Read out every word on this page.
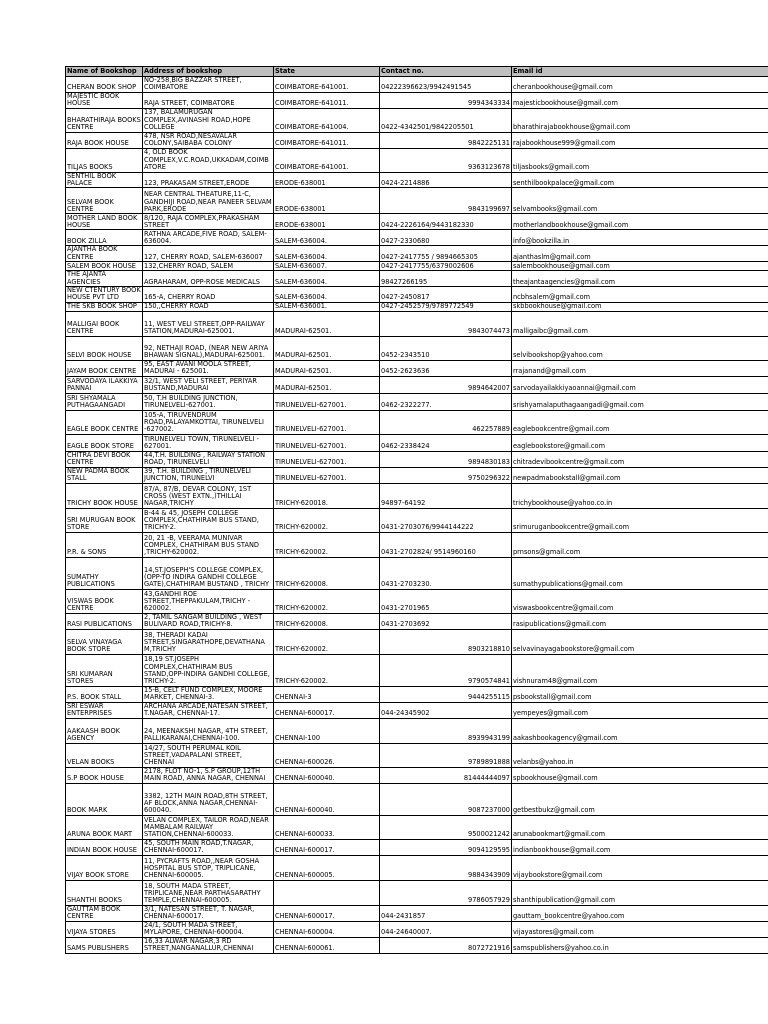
Name of Bookshop	Address of bookshop	State	Contact no.	Email id
CHERAN BOOK SHOP	NO-258,BIG BAZZAR STREET, COIMBATORE	COIMBATORE-641001.	04222396623/9942491545	cheranbookhouse@gmail.com
MAJESTIC BOOK HOUSE	RAJA STREET, COIMBATORE	COIMBATORE-641011.	9994343334	majesticbookhouse@gmail.com
BHARATHIRAJA BOOKS CENTRE	137, BALAMURUGAN COMPLEX,AVINASHI ROAD,HOPE COLLEGE	COIMBATORE-641004.	0422-4342501/9842205501	bharathirajabookhouse@gmail.com
RAJA BOOK HOUSE	478, NSR ROAD,NESAVALAR COLONY,SAIBABA COLONY	COIMBATORE-641011.	9842225131	rajabookhouse999@gmail.com
TILJAS BOOKS	4, OLD BOOK COMPLEX,V.C.ROAD,UKKADAM,COIMB ATORE	COIMBATORE-641001.	9363123678	tiljasbooks@gmail.com
SENTHIL BOOK PALACE	123, PRAKASAM STREET,ERODE	ERODE-638001	0424-2214886	senthilbookpalace@gmail.com
SELVAM BOOK CENTRE	NEAR CENTRAL THEATURE,11-C, GANDHIJI ROAD,NEAR PANEER SELVAM PARK,ERODE	ERODE-638001	9843199697	selvambooks@gmail.com
MOTHER LAND BOOK HOUSE	8/120, RAJA COMPLEX,PRAKASHAM STREET	ERODE-638001	0424-2226164/9443182330	motherlandbookhouse@gmail.com
BOOK ZILLA	RATHNA ARCADE,FIVE ROAD, SALEM-636004.	SALEM-636004.	0427-2330680	info@bookzilla.in
AJANTHA BOOK CENTRE	127, CHERRY ROAD, SALEM-636007	SALEM-636004.	0427-2417755 / 9894665305	ajanthaslm@gmail.com
SALEM BOOK HOUSE	132,CHERRY ROAD, SALEM	SALEM-636007.	0427-2417755/6379002606	salembookhouse@gmail.com
THE AJANTA AGENCIES	AGRAHARAM, OPP-ROSE MEDICALS	SALEM-636004.	98427266195	theajantaagencies@gmail.com
NEW CTENTURY BOOK HOUSE PVT LTD	165-A, CHERRY ROAD	SALEM-636004.	0427-2450817	ncbhsalem@gmail.com
THE SKB BOOK SHOP	150,,CHERRY ROAD	SALEM-636001.	0427-2452579/9789772549	skbbookhouse@gmail.com
MALLIGAI BOOK CENTRE	11, WEST VELI STREET,OPP-RAILWAY STATION,MADURAI-625001.	MADURAI-62501.	9843074473	malligaibc@gmail.com
SELVI BOOK HOUSE	92, NETHAJI ROAD, (NEAR NEW ARIYA BHAWAN SIGNAL),MADURAI-625001.	MADURAI-62501.	0452-2343510	selvibookshop@yahoo.com
JAYAM BOOK CENTRE	95, EAST AVANI MOOLA STREET, MADURAI - 625001.	MADURAI-62501.	0452-2623636	rrajanand@gmail.com
SARVODAYA ILAKKIYA PANNAI	32/1, WEST VELI STREET, PERIYAR BUSTAND,MADURAI	MADURAI-62501.	9894642007	sarvodayailakkiyaoannai@gmail.com
SRI SHYAMALA PUTHAGAANGADI	50, T.H BUILDING JUNCTION, TIRUNELVELI-627001.	TIRUNELVELI-627001.	0462-2322277.	srishyamalaputhagaangadi@gmail.com
EAGLE BOOK CENTRE	105-A, TIRUVENDRUM ROAD,PALAYAMKOTTAI, TIRUNELVELI -627002.	TIRUNELVELI-627001.	462257889	eaglebookcentre@gmail.com
EAGLE BOOK STORE	TIRUNELVELI TOWN, TIRUNELVELI - 627001.	TIRUNELVELI-627001.	0462-2338424	eaglebookstore@gmail.com
CHITRA DEVI BOOK CENTRE	44,T.H. BUILDING , RAILWAY STATION ROAD, TIRUNELVELI	TIRUNELVELI-627001.	9894830183	chitradevibookcentre@gmail.com
NEW PADMA BOOK STALL	39, T.H. BUILDING , TIRUNELVELI JUNCTION, TIRUNELVI	TIRUNELVELI-627001.	9750296322	newpadmabookstall@gmail.com
TRICHY BOOK HOUSE	87/A, 87/B, DEVAR COLONY, 1ST CROSS (WEST EXTN.,)THILLAI NAGAR,TRICHY	TRICHY-620018.	94897-64192	trichybookhouse@yahoo.co.in
SRI MURUGAN BOOK STORE	B-44 & 45, JOSEPH COLLEGE COMPLEX,CHATHIRAM BUS STAND, TRICHY-2.	TRICHY-620002.	0431-2703076/9944144222	srimuruganbookcentre@gmail.com
P.R. & SONS	20, 21 -B, VEERAMA MUNIVAR COMPLEX, CHATHIRAM BUS STAND ,TRICHY-620002.	TRICHY-620002.	0431-2702824/ 9514960160	prnsons@gmail.com
SUMATHY PUBLICATIONS	14,ST.JOSEPH'S COLLEGE COMPLEX, (OPP-TO INDIRA GANDHI COLLEGE GATE),CHATHIRAM BUSTAND , TRICHY	TRICHY-620008.	0431-2703230.	sumathypublications@gmail.com
VISWAS BOOK CENTRE	43,GANDHI ROE STREET,THEPPAKULAM,TRICHY - 620002.	TRICHY-620002.	0431-2701965	viswasbookcentre@gmail.com
RASI PUBLICATIONS	2, TAMIL SANGAM BUILDING , WEST BULIVARD ROAD,TRICHY-8.	TRICHY-620008.	0431-2703692	rasipublications@gmail.com
SELVA VINAYAGA BOOK STORE	38, THERADI KADAI STREET,SINGARATHOPE,DEVATHANA M,TRICHY	TRICHY-620002.	8903218810	selvavinayagabookstore@gmail.com
SRI KUMARAN STORES	18,19 ST.JOSEPH COMPLEX,CHATHIRAM BUS STAND,OPP-INDIRA GANDHI COLLEGE, TRICHY-2.	TRICHY-620002.	9790574841	vishnuram48@gmail.com
P.S. BOOK STALL	15-B, CELT FUND COMPLEX, MOORE MARKET, CHENNAI-3.	CHENNAI-3	9444255115	psbookstall@gmail.com
SRI ESWAR ENTERPRISES	ARCHANA ARCADE,NATESAN STREET, T.NAGAR, CHENNAI-17.	CHENNAI-600017.	044-24345902	yempeyes@gmail.com
AAKAASH BOOK AGENCY	24, MEENAKSHI NAGAR, 4TH STREET, PALLIKARANAI,CHENNAI-100.	CHENNAI-100	8939943199	aakashbookagency@gmail.com
VELAN BOOKS	14/27, SOUTH PERUMAL KOIL STREET,VADAPALANI STREET, CHENNAI	CHENNAI-600026.	9789891888	velanbs@yahoo.in
S.P BOOK HOUSE	2178, FLOT NO-1, S.P GROUP,12TH MAIN ROAD, ANNA NAGAR, CHENNAI	CHENNAI-600040.	81444444097	spbookhouse@gmail.com
BOOK MARK	3382, 12TH MAIN ROAD,8TH STREET, AF BLOCK,ANNA NAGAR,CHENNAI-600040.	CHENNAI-600040.	9087237000	getbestbukz@gmail.com
ARUNA BOOK MART	VELAN COMPLEX, TAILOR ROAD,NEAR MAMBALAM RAILWAY STATION,CHENNAI-600033.	CHENNAI-600033.	9500021242	arunabookmart@gmail.com
INDIAN BOOK HOUSE	45, SOUTH MAIN ROAD,T.NAGAR, CHENNAI-600017.	CHENNAI-600017.	9094129595	indianbookhouse@gmail.com
VIJAY BOOK STORE	11, PYCRAFTS ROAD,,NEAR GOSHA HOSPITAL BUS STOP, TRIPLICANE, CHENNAI-600005.	CHENNAI-600005.	9884343909	vijaybookstore@gmail.com
SHANTHI BOOKS	18, SOUTH MADA STREET, TRIPLICANE,NEAR PARTHASARATHY TEMPLE,CHENNAI-600005.		9786057929	shanthipublication@gmail.com
GAUTTAM BOOK CENTRE	3/1, NATESAN STREET, T. NAGAR, CHENNAI-600017.	CHENNAI-600017.	044-2431857	gauttam_bookcentre@yahoo.com
VIJAYA STORES	24/1, SOUTH MADA STREET, MYLAPORE, CHENNAI-600004.	CHENNAI-600004.	044-24640007.	vijayastores@gmail.com
SAMS PUBLISHERS	16,33 ALWAR NAGAR,3 RD STREET,NANGANALLUR,CHENNAI	CHENNAI-600061.	8072721916	samspublishers@yahoo.co.in
